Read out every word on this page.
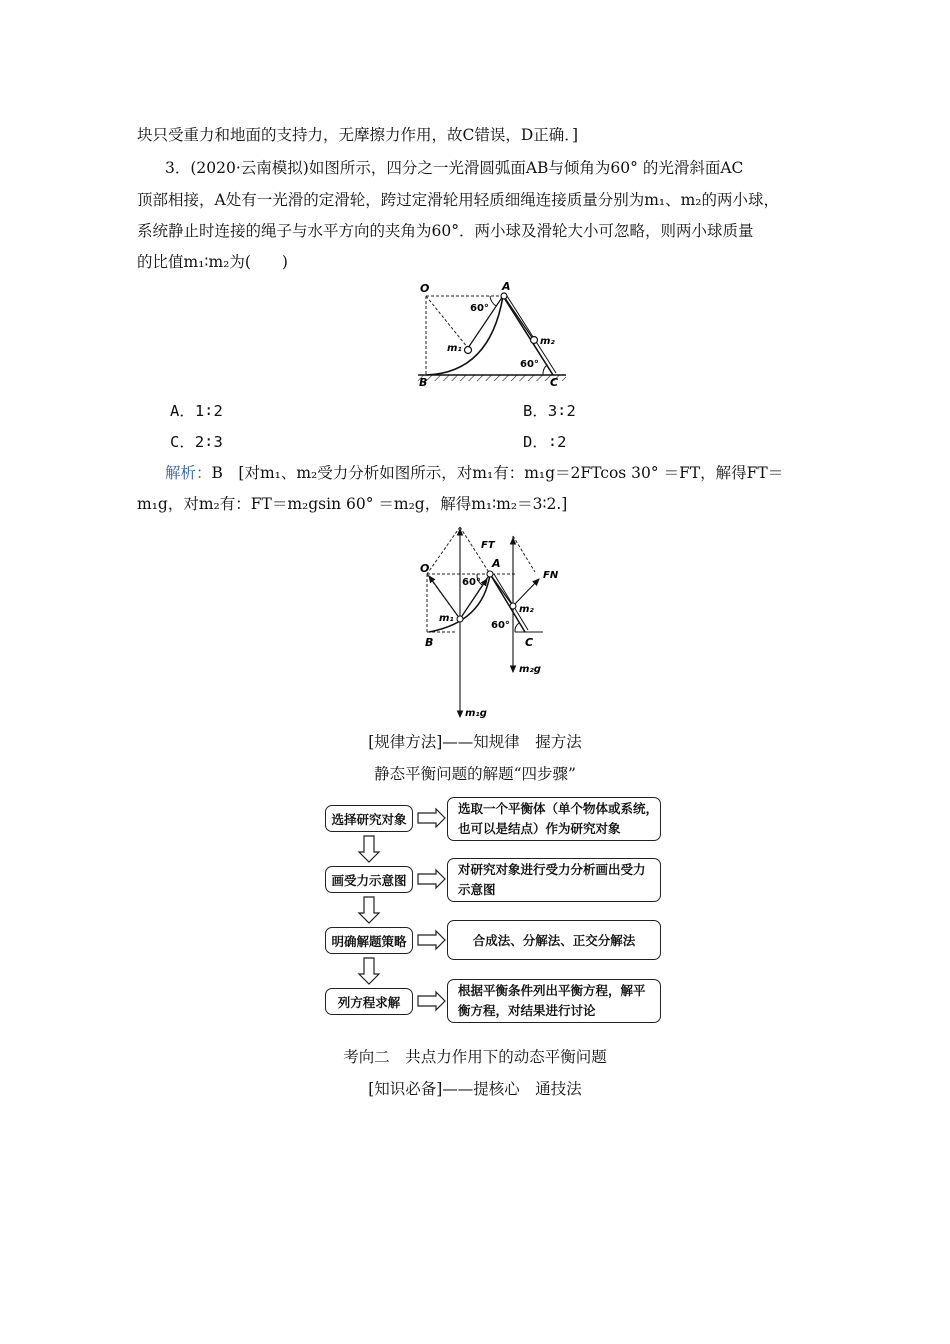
块只受重力和地面的支持力，无摩擦力作用，故C错误，D正确．]
3．(2020·云南模拟)如图所示，四分之一光滑圆弧面AB与倾角为60° 的光滑斜面AC
顶部相接，A处有一光滑的定滑轮，跨过定滑轮用轻质细绳连接质量分别为m₁、m₂的两小球，
系统静止时连接的绳子与水平方向的夹角为60°．两小球及滑轮大小可忽略，则两小球质量
的比值m₁∶m₂为(　　)
O	A
B	C
m₁
m₂
60°
60°
A．1∶2	B．3∶2
C．2∶3	D．∶2
解析：B　[对m₁、m₂受力分析如图所示，对m₁有：m₁g＝2FTcos 30° ＝FT，解得FT＝
m₁g，对m₂有：FT＝m₂gsin 60° ＝m₂g，解得m₁∶m₂＝3∶2.]
O	A
B	C
m₁
m₂
FT
FN
m₂g
m₁g
60°
60°
[规律方法]——知规律　握方法
静态平衡问题的解题“四步骤”
选择研究对象
选取一个平衡体（单个物体或系统，
也可以是结点）作为研究对象
画受力示意图
对研究对象进行受力分析画出受力
示意图
明确解题策略	合成法、分解法、正交分解法
列方程求解
根据平衡条件列出平衡方程，解平
衡方程，对结果进行讨论
考向二　共点力作用下的动态平衡问题
[知识必备]——提核心　通技法
